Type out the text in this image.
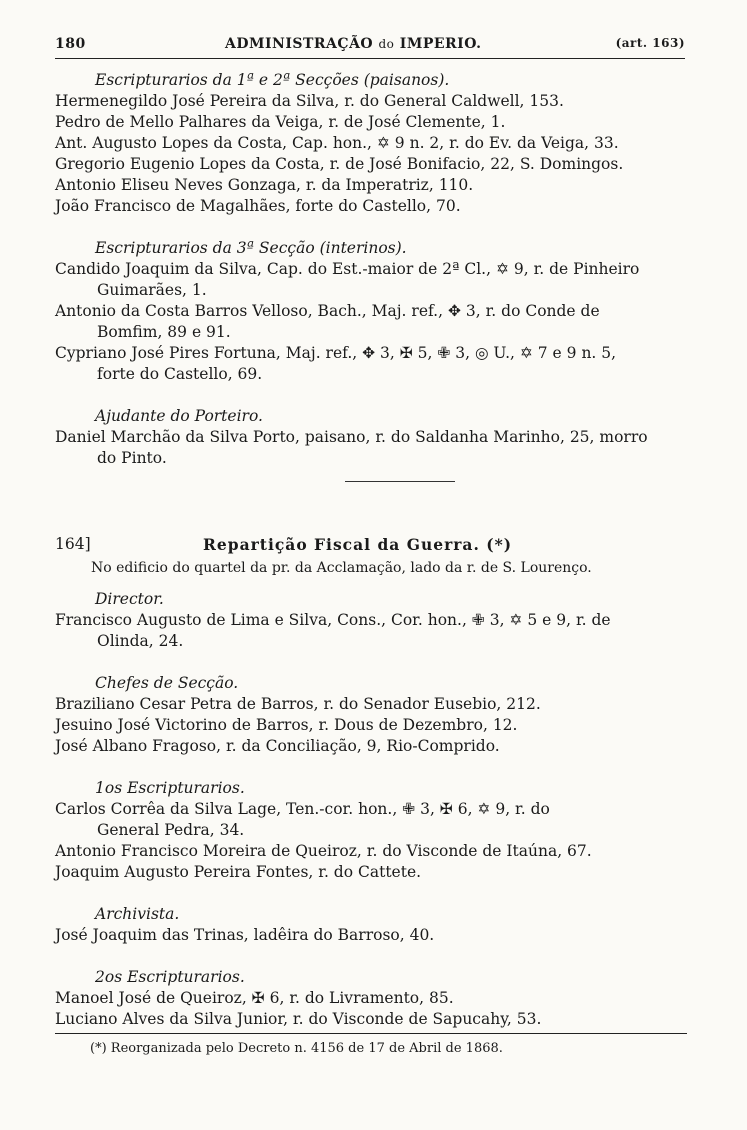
180	ADMINISTRAÇÃO do IMPERIO.	(art. 163)
Escripturarios da 1ª e 2ª Secções (paisanos).
Hermenegildo José Pereira da Silva, r. do General Caldwell, 153.
Pedro de Mello Palhares da Veiga, r. de José Clemente, 1.
Ant. Augusto Lopes da Costa, Cap. hon., ✡ 9 n. 2, r. do Ev. da Veiga, 33.
Gregorio Eugenio Lopes da Costa, r. de José Bonifacio, 22, S. Domingos.
Antonio Eliseu Neves Gonzaga, r. da Imperatriz, 110.
João Francisco de Magalhães, forte do Castello, 70.
Escripturarios da 3ª Secção (interinos).
Candido Joaquim da Silva, Cap. do Est.-maior de 2ª Cl., ✡ 9, r. de Pinheiro
Guimarães, 1.
Antonio da Costa Barros Velloso, Bach., Maj. ref., ✥ 3, r. do Conde de
Bomfim, 89 e 91.
Cypriano José Pires Fortuna, Maj. ref., ✥ 3, ✠ 5, ✙ 3, ◎ U., ✡ 7 e 9 n. 5,
forte do Castello, 69.
Ajudante do Porteiro.
Daniel Marchão da Silva Porto, paisano, r. do Saldanha Marinho, 25, morro
do Pinto.
164]	Repartição Fiscal da Guerra. (*)
No edificio do quartel da pr. da Acclamação, lado da r. de S. Lourenço.
Director.
Francisco Augusto de Lima e Silva, Cons., Cor. hon., ✙ 3, ✡ 5 e 9, r. de
Olinda, 24.
Chefes de Secção.
Braziliano Cesar Petra de Barros, r. do Senador Eusebio, 212.
Jesuino José Victorino de Barros, r. Dous de Dezembro, 12.
José Albano Fragoso, r. da Conciliação, 9, Rio-Comprido.
1os Escripturarios.
Carlos Corrêa da Silva Lage, Ten.-cor. hon., ✙ 3, ✠ 6, ✡ 9, r. do
General Pedra, 34.
Antonio Francisco Moreira de Queiroz, r. do Visconde de Itaúna, 67.
Joaquim Augusto Pereira Fontes, r. do Cattete.
Archivista.
José Joaquim das Trinas, ladêira do Barroso, 40.
2os Escripturarios.
Manoel José de Queiroz, ✠ 6, r. do Livramento, 85.
Luciano Alves da Silva Junior, r. do Visconde de Sapucahy, 53.
(*) Reorganizada pelo Decreto n. 4156 de 17 de Abril de 1868.
